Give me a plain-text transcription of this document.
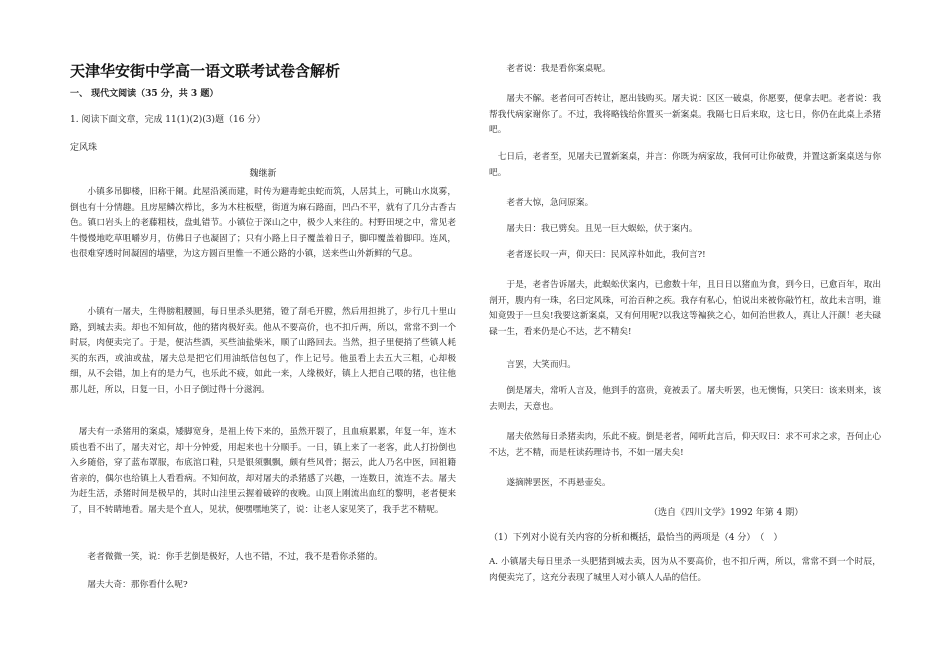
天津华安街中学高一语文联考试卷含解析
一、 现代文阅读（35 分，共 3 题）
1. 阅读下面文章，完成 11(1)(2)(3)题（16 分）
定风珠
魏继新

小镇多吊脚楼，旧称干阑。此屋沿溪而建，时传为避毒蛇虫蛇而筑，人居其上，可眺山水岚雾，倒也有十分情趣。且房屋鳞次栉比，多为木柱板壁，街道为麻石路面，凹凸不平，就有了几分古香古色。镇口岩头上的老藤粗枝，盘虬错节。小镇位于深山之中，极少人来往的。村野田埂之中，常见老牛慢慢地吃草咀嚼岁月，仿佛日子也凝固了；只有小路上日子覆盖着日子，脚印覆盖着脚印。连风，也很难穿透时间凝固的墙壁，为这方圆百里惟一不通公路的小镇，送来些山外新鲜的气息。

小镇有一屠夫，生得膀粗腰圆，每日里杀头肥猪，镫了刮毛开膛，然后用担挑了，步行几十里山路，到城去卖。却也不知何故，他的猪肉极好卖。他从不要高价，也不扣斤两，所以，常常不到一个时辰，肉便卖完了。于是，便沽些酒，买些油盐柴米，顺了山路回去。当然，担子里便捎了些镇人耗买的东西，或油或盐，屠夫总是把它们用油纸信包包了，作上记号。他虽看上去五大三粗，心却极细，从不会错，加上有的是力气，也乐此不疲，如此一来，人缘极好，镇上人把自己喂的猪，也往他那儿赶，所以，日复一日，小日子倒过得十分滋润。

屠夫有一杀猪用的案桌，矮脚宽身，是祖上传下来的，虽然开裂了，且血痕累累，年复一年，连木质也看不出了，屠夫对它，却十分钟爱，用起来也十分顺手。一日，镇上来了一老客，此人打扮倒也入乡随俗，穿了蓝布罩服，布底涫口鞋，只是银须飘飘，颇有些风骨；据云，此人乃名中医，回祖籍省亲的，偶尔也给镇上人看看病。不知何故，却对屠夫的杀猪感了兴趣，一连数日，流连不去。屠夫为赶生活，杀猪时间是极早的，其时山洼里云握着破碎的夜晚。山顶上刚流出血红的黎明，老者便来了，目不转睛地看。屠夫是个直人，见状，便嘿嘿地笑了，说：让老人家见笑了，我手艺不精呢。

老者微微一笑，说：你手艺倒是极好，人也不错，不过，我不是看你杀猪的。

屠夫大奇：那你看什么呢?

老者说：我是看你案桌呢。

屠夫不解。老者问可否转让，愿出钱购买。屠夫说：区区一破桌，你愿要，便拿去吧。老者说：我帮我代病家谢你了。不过，我将略钱给你置买一新案桌。我隔七日后来取，这七日，你仍在此桌上杀猪吧。

七日后，老者至，见屠夫已置新案桌，并言：你既为病家故，我何可让你破费，并置这新案桌送与你吧。

老者大惊，急问原案。

屠夫日：我已劈矣。且见一巨大蜈蚣，伏于案内。

老者逐长叹一声，仰天曰：民风淳朴如此，我何言?!

于是，老者告诉屠夫，此蜈蚣伏案内，已愈数十年，且日日以猪血为食，到今日，已愈百年，取出剖开，腹内有一珠，名曰定风珠，可治百种之疾。我存有私心，怕说出来被你敲竹杠，故此未言明，谁知竟毁于一旦矣!我要这新案桌，又有何用呢?以我这等褊狭之心，如何治世救人，真让人汗颜！老夫碌碌一生，看来仍是心不达，艺不精矣!

言罢，大笑而归。

倒是屠夫，常听人言及，他到手的富贵，竟被丢了。屠夫听罢，也无懊悔，只笑曰：该来则来，该去则去，天意也。

屠夫依然每日杀猪卖肉，乐此不疲。倒是老者，闻听此言后，仰天叹曰：求不可求之求，吾何止心不达，艺不精，而是枉读药理诗书，不如一屠夫矣!

遂摘牌罢医，不再悬壶矣。

（选自《四川文学》1992 年第 4 期）
（1）下列对小说有关内容的分析和概括，最恰当的两项是（4 分）　（　）

A. 小镇屠夫每日里杀一头肥猪到城去卖，因为从不要高价，也不扣斤两，所以，常常不到一个时辰，肉便卖完了，这充分表现了城里人对小镇人人品的信任。
